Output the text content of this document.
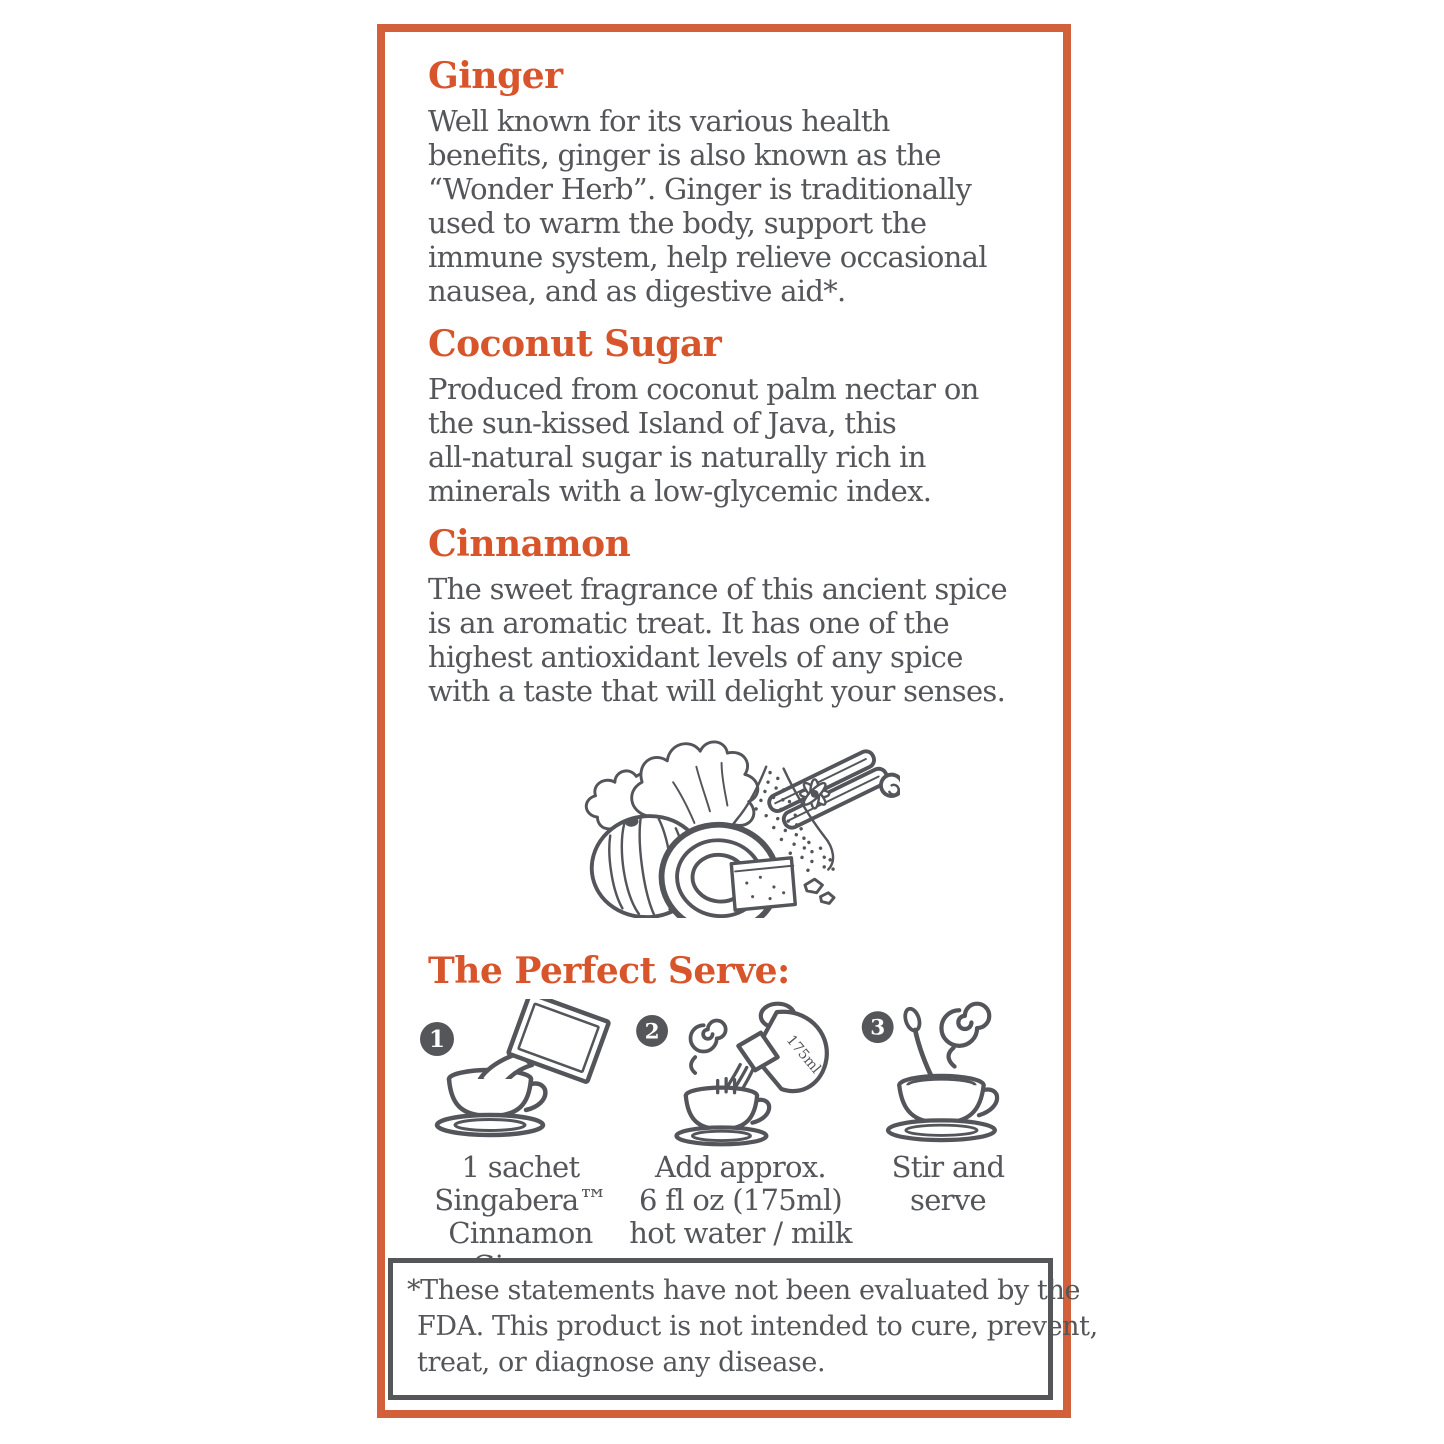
Ginger
Well known for its various health
benefits, ginger is also known as the
“Wonder Herb”. Ginger is traditionally
used to warm the body, support the
immune system, help relieve occasional
nausea, and as digestive aid*.
Coconut Sugar
Produced from coconut palm nectar on
the sun-kissed Island of Java, this
all-natural sugar is naturally rich in
minerals with a low-glycemic index.
Cinnamon
The sweet fragrance of this ancient spice
is an aromatic treat. It has one of the
highest antioxidant levels of any spice
with a taste that will delight your senses.
The Perfect Serve:
1
1 sachet
Singabera™
Cinnamon
2
175ml
Add approx.
6 fl oz (175ml)
hot water / milk
3
Stir and
serve
*These statements have not been evaluated by the
FDA. This product is not intended to cure, prevent,
treat, or diagnose any disease.
